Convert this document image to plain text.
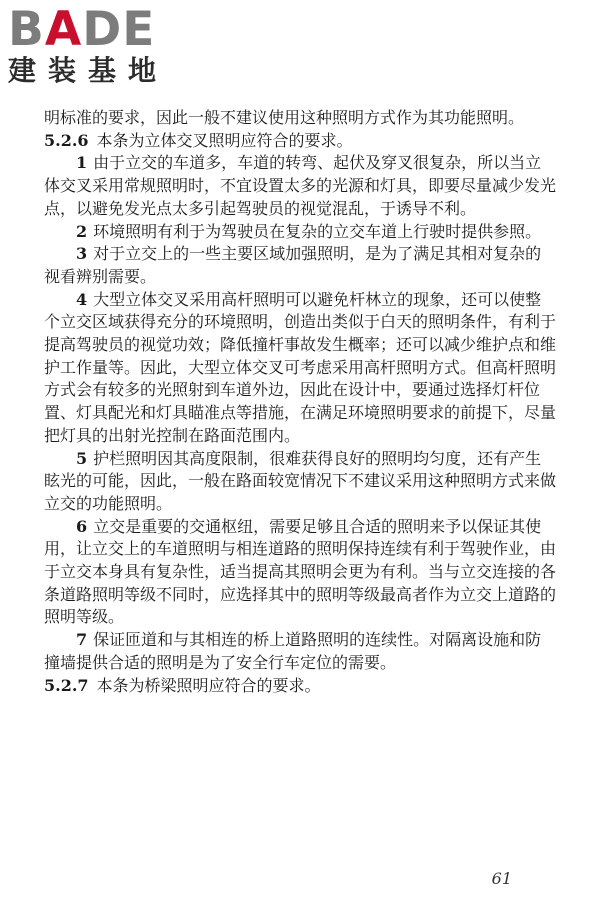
BADE
建装基地

明标准的要求，因此一般不建议使用这种照明方式作为其功能照明。

5.2.6 本条为立体交叉照明应符合的要求。

1 由于立交的车道多，车道的转弯、起伏及穿叉很复杂，所以当立体交叉采用常规照明时，不宜设置太多的光源和灯具，即要尽量减少发光点，以避免发光点太多引起驾驶员的视觉混乱，于诱导不利。

2 环境照明有利于为驾驶员在复杂的立交车道上行驶时提供参照。

3 对于立交上的一些主要区域加强照明，是为了满足其相对复杂的视看辨别需要。

4 大型立体交叉采用高杆照明可以避免杆林立的现象，还可以使整个立交区域获得充分的环境照明，创造出类似于白天的照明条件，有利于提高驾驶员的视觉功效；降低撞杆事故发生概率；还可以减少维护点和维护工作量等。因此，大型立体交叉可考虑采用高杆照明方式。但高杆照明方式会有较多的光照射到车道外边，因此在设计中，要通过选择灯杆位置、灯具配光和灯具瞄准点等措施，在满足环境照明要求的前提下，尽量把灯具的出射光控制在路面范围内。

5 护栏照明因其高度限制，很难获得良好的照明均匀度，还有产生眩光的可能，因此，一般在路面较宽情况下不建议采用这种照明方式来做立交的功能照明。

6 立交是重要的交通枢纽，需要足够且合适的照明来予以保证其使用，让立交上的车道照明与相连道路的照明保持连续有利于驾驶作业，由于立交本身具有复杂性，适当提高其照明会更为有利。当与立交连接的各条道路照明等级不同时，应选择其中的照明等级最高者作为立交上道路的照明等级。

7 保证匝道和与其相连的桥上道路照明的连续性。对隔离设施和防撞墙提供合适的照明是为了安全行车定位的需要。

5.2.7 本条为桥梁照明应符合的要求。

61
